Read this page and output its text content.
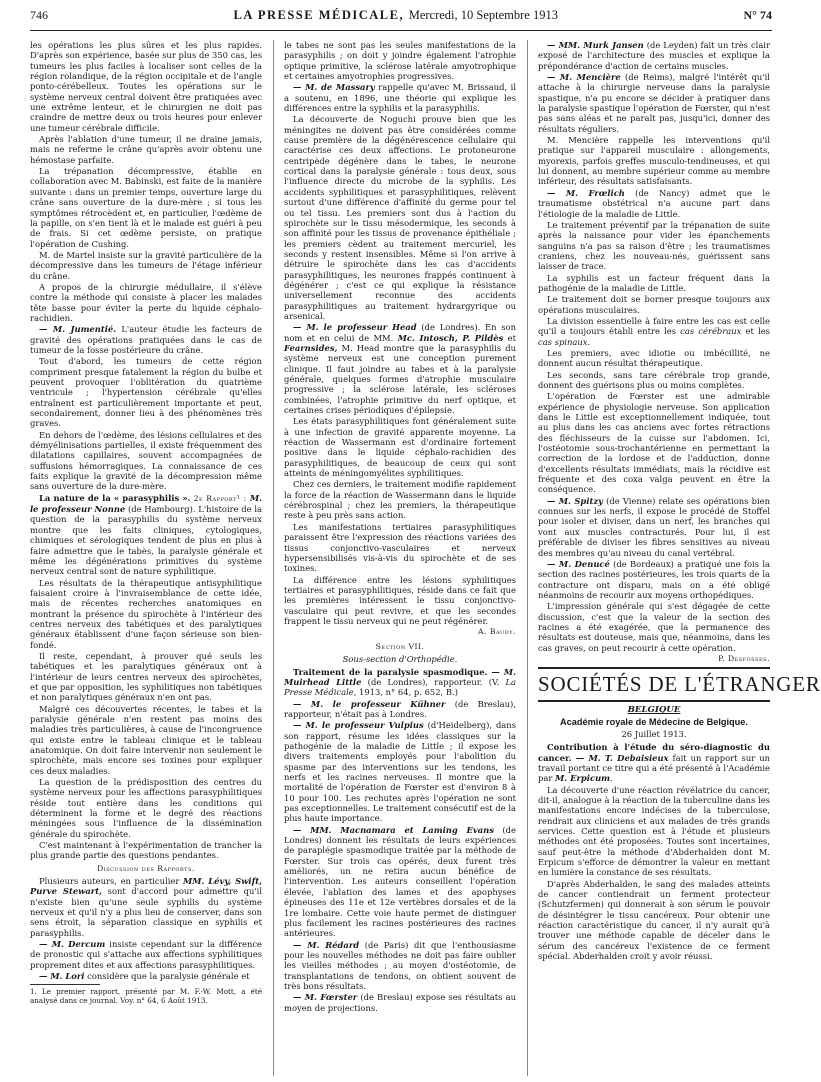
746	LA PRESSE MÉDICALE, Mercredi, 10 Septembre 1913	N° 74

les opérations les plus sûres et les plus rapides. D'après son expérience, basée sur plus de 350 cas, les tumeurs les plus faciles à localiser sont celles de la région rolandique, de la région occipitale et de l'angle ponto-cérébelleux. Toutes les opérations sur le système nerveux central doivent être pratiquées avec une extrême lenteur, et le chirurgien ne doit pas craindre de mettre deux ou trois heures pour enlever une tumeur cérébrale difficile.

Après l'ablation d'une tumeur, il ne draine jamais, mais ne referme le crâne qu'après avoir obtenu une hémostase parfaite.

La trépanation décompressive, établie en collaboration avec M. Babinski, est faite de la manière suivante : dans un premier temps, ouverture large du crâne sans ouverture de la dure-mère ; si tous les symptômes rétrocèdent et, en particulier, l'œdème de la papille, on s'en tient là et le malade est guéri à peu de frais. Si cet œdème persiste, on pratique l'opération de Cushing.

M. de Martel insiste sur la gravité particulière de la décompressive dans les tumeurs de l'étage inférieur du crâne.

A propos de la chirurgie médullaire, il s'élève contre la méthode qui consiste à placer les malades tête basse pour éviter la perte du liquide céphalo-rachidien.

— M. Jumentié. L'auteur étudie les facteurs de gravité des opérations pratiquées dans le cas de tumeur de la fosse postérieure du crâne.

Tout d'abord, les tumeurs de cette région compriment presque fatalement la région du bulbe et peuvent provoquer l'oblitération du quatrième ventricule ; l'hypertension cérébrale qu'elles entraînent est particulièrement importante et peut, secondairement, donner lieu à des phénomènes très graves.

En dehors de l'œdème, des lésions cellulaires et des démyélinisations partielles, il existe fréquemment des dilatations capillaires, souvent accompagnées de suffusions hémorragiques. La connaissance de ces faits explique la gravité de la décompression même sans ouverture de la dure-mère.

La nature de la « parasyphilis ». 2e Rapport¹ : M. le professeur Nonne (de Hambourg). L'histoire de la question de la parasyphilis du système nerveux montre que les faits cliniques, cytologiques, chimiques et sérologiques tendent de plus en plus à faire admettre que le tabès, la paralysie générale et même les dégénérations primitives du système nerveux central sont de nature syphilitique.

Les résultats de la thérapeutique antisyphilitique faisaient croire à l'invraisemblance de cette idée, mais de récentes recherches anatomiques en montrant la présence du spirochète à l'intérieur des centres nerveux des tabétiques et des paralytiques généraux établissent d'une façon sérieuse son bien-fondé.

Il reste, cependant, à prouver qué seuls les tabétiques et les paralytiques généraux ont à l'intérieur de leurs centres nerveux des spirochètes, et que par opposition, les syphilitiques non tabétiques et non paralytiques généraux n'en ont pas.

Malgré ces découvertes récentes, le tabes et la paralysie générale n'en restent pas moins des maladies très particulières, à cause de l'incongruence qui existe entre le tableau clinique et le tableau anatomique. On doit faire intervenir non seulement le spirochète, mais encore ses toxines pour expliquer ces deux maladies.

La question de la prédisposition des centres du système nerveux pour les affections parasyphilitiques réside tout entière dans les conditions qui déterminent la forme et le degré des réactions méningées sous l'influence de la dissémination générale du spirochète.

C'est maintenant à l'expérimentation de trancher la plus grande partie des questions pendantes.

Discussion des Rapports.

Plusieurs auteurs, en particulier MM. Lévy, Swift, Purve Stewart, sont d'accord pour admettre qu'il n'existe bien qu'une seule syphilis du système nerveux et qu'il n'y a plus lieu de conserver, dans son sens étroit, la séparation classique en syphilis et parasyphilis.

— M. Dercum insiste cependant sur la différence de pronostic qui s'attache aux affections syphilitiques proprement dites et aux affections parasyphilitiques.

— M. Lori considère que la paralysie générale et

1. Le premier rapport, présenté par M. F.-W. Mott, a été analysé dans ce journal. Voy. n° 64, 6 Août 1913.

le tabes ne sont pas les seules manifestations de la parasyphilis ; on doit y joindre également l'atrophie optique primitive, la sclérose latérale amyotrophique et certaines amyotrophies progressives.

— M. de Massary rappelle qu'avec M. Brissaud, il a soutenu, en 1896, une théorie qui explique les différences entre la syphilis et la parasyphilis.

La découverte de Noguchi prouve bien que les méningites ne doivent pas être considérées comme cause première de la dégénérescence cellulaire qui caractérise ces deux affections. Le protoneurone centripède dégénère dans le tabes, le neurone cortical dans la paralysie générale : tous deux, sous l'influence directe du microbe de la syphilis. Les accidents syphilitiques et parasyphilitiques, relèvent surtout d'une différence d'affinité du germe pour tel ou tel tissu. Les premiers sont dus à l'action du spirochète sur le tissu mésodermique, les seconds à son affinité pour les tissus de provenance épithéliale ; les premiers cèdent au traitement mercuriel, les seconds y restent insensibles. Même si l'on arrive à détruire le spirochète dans les cas d'accidents parasyphilitiques, les neurones frappés continuent à dégénérer ; c'est ce qui explique la résistance universellement reconnue des accidents parasyphilitiques au traitement hydrargyrique ou arsenical.

— M. le professeur Head (de Londres). En son nom et en celui de MM. Mc. Intosch, P. Pildès et Fearnsides, M. Head montre que la parasyphilis du système nerveux est une conception purement clinique. Il faut joindre au tabes et à la paralysie générale, quelques formes d'atrophie musculaire progressive ; la sclérose latérale, les scléroses combinées, l'atrophie primitive du nerf optique, et certaines crises périodiques d'épilepsie.

Les états parasyphilitiques font généralement suite à une infection de gravité apparente moyenne. La réaction de Wassermann est d'ordinaire fortement positive dans le liquide céphalo-rachidien des parasyphilitiques, de beaucoup de ceux qui sont atteints de méningomyélites syphilitiques.

Chez ces derniers, le traitement modifie rapidement la force de la réaction de Wassermann dans le liquide cérébrospinal ; chez les premiers, la thérapeutique reste à peu près sans action.

Les manifestations tertiaires parasyphilitiques paraissent être l'expression des réactions variées des tissus conjonctivo-vasculaires et nerveux hypersensibilisés vis-à-vis du spirochète et de ses toxines.

La différence entre les lésions syphilitiques tertiaires et parasyphilitiques, réside dans ce fait que les premières intéressent le tissu conjonctivo-vasculaire qui peut revivre, et que les secondes frappent le tissu nerveux qui ne peut régénérer.

A. Baudy.
Section VII.
Sous-section d'Orthopédie.

Traitement de la paralysie spasmodique. — M. Muirhead Little (de Londres), rapporteur. (V. La Presse Médicale, 1913, n° 64, p. 652, B.)

— M. le professeur Kühner (de Breslau), rapporteur, n'était pas à Londres.

— M. le professeur Vulpius (d'Heidelberg), dans son rapport, résume les idées classiques sur la pathogénie de la maladie de Little ; il expose les divers traitements employés pour l'abolition du spasme par des interventions sur les tendons, les nerfs et les racines nerveuses. Il montre que la mortalité de l'opération de Fœrster est d'environ 8 à 10 pour 100. Les rechutes après l'opération ne sont pas exceptionnelles. Le traitement consécutif est de la plus haute importance.

— MM. Macnamara et Laming Evans (de Londres) donnent les résultats de leurs expériences de paraplégie spasmodique traitée par la méthode de Fœrster. Sur trois cas opérés, deux furent très améliorés, un ne retira aucun bénéfice de l'intervention. Les auteurs conseillent l'opération élevée, l'ablation des lames et des apophyses épineuses des 11e et 12e vertèbres dorsales et de la 1re lombaire. Cette voie haute permet de distinguer plus facilement les racines postérieures des racines antérieures.

— M. Rédard (de Paris) dit que l'enthousiasme pour les nouvelles méthodes ne doit pas faire oublier les vieilles méthodes ; au moyen d'ostéotomie, de transplantations de tendons, on obtient souvent de très bons résultats.

— M. Fœrster (de Breslau) expose ses résultats au moyen de projections.

— MM. Murk Jansen (de Leyden) fait un très clair exposé de l'architecture des muscles et explique la prépondérance d'action de certains muscles.

— M. Mencière (de Reims), malgré l'intérêt qu'il attache à la chirurgie nerveuse dans la paralysie spastique, n'a pu encore se décider à pratiquer dans la paralysie spastique l'opération de Fœrster, qui n'est pas sans aléas et ne paraît pas, jusqu'ici, donner des résultats réguliers.

M. Mencière rappelle les interventions qu'il pratique sur l'appareil musculaire : allongements, myorexis, parfois greffes musculo-tendineuses, et qui lui donnent, au membre supérieur comme au membre inférieur, des résultats satisfaisants.

— M. Frœlich (de Nancy) admet que le traumatisme obstétrical n'a aucune part dans l'étiologie de la maladie de Little.

Le traitement préventif par la trépanation de suite après la naissance pour vider les épanchements sanguins n'a pas sa raison d'être ; les traumatismes craniens, chez les nouveau-nés, guérissent sans laisser de trace.

La syphilis est un facteur fréquent dans la pathogénie de la maladie de Little.

Le traitement doit se borner presque toujours aux opérations musculaires.

La division essentielle à faire entre les cas est celle qu'il a toujours établi entre les cas cérébraux et les cas spinaux.

Les premiers, avec idiotie ou imbécillité, ne donnent aucun résultat thérapeutique.

Les seconds, sans tare cérébrale trop grande, donnent des guérisons plus ou moins complètes.

L'opération de Fœrster est une admirable expérience de physiologie nerveuse. Son application dans le Little est exceptionnellement indiquée, tout au plus dans les cas anciens avec fortes rétractions des fléchisseurs de la cuisse sur l'abdomen. Ici, l'ostéotomie sous-trochantérienne en permettant la correction de la lordose et de l'adduction, donne d'excellents résultats immédiats, mais la récidive est fréquente et des coxa valga peuvent en être la conséquence.

— M. Spitzy (de Vienne) relate ses opérations bien connues sur les nerfs, il expose le procédé de Stoffel pour isoler et diviser, dans un nerf, les branches qui vont aux muscles contracturés. Pour lui, il est préférable de diviser les fibres sensitives au niveau des membres qu'au niveau du canal vertébral.

— M. Denucé (de Bordeaux) a pratiqué une fois la section des racines postérieures, les trois quarts de la contracture ont disparu, mais on a été obligé néanmoins de recourir aux moyens orthopédiques.

L'impression générale qui s'est dégagée de cette discussion, c'est que la valeur de la section des racines a été exagérée, que la permanence des résultats est douteuse, mais que, néanmoins, dans les cas graves, on peut recourir à cette opération.

P. Desfosses.
SOCIÉTÉS DE L'ÉTRANGER
BELGIQUE
Académie royale de Médecine de Belgique.
26 Juillet 1913.

Contribution à l'étude du séro-diagnostic du cancer. — M. T. Debaisieux fait un rapport sur un travail portant ce titre qui a été présenté à l'Académie par M. Erpicum.

La découverte d'une réaction révélatrice du cancer, dit-il, analogue à la réaction de la tuberculine dans les manifestations encore indécises de la tuberculose, rendrait aux cliniciens et aux malades de très grands services. Cette question est à l'étude et plusieurs méthodes ont été proposées. Toutes sont incertaines, sauf peut-être la méthode d'Abderhalden dont M. Erpicum s'efforce de démontrer la valeur en mettant en lumière la constance de ses résultats.

D'après Abderhalden, le sang des malades atteints de cancer contiendrait un ferment protecteur (Schutzfermen) qui donnerait à son sérum le pouvoir de désintégrer le tissu cancéreux. Pour obtenir une réaction caractéristique du cancer, il n'y aurait qu'à trouver une méthode capable de déceler dans le sérum des cancéreux l'existence de ce ferment spécial. Abderhalden croit y avoir réussi.
